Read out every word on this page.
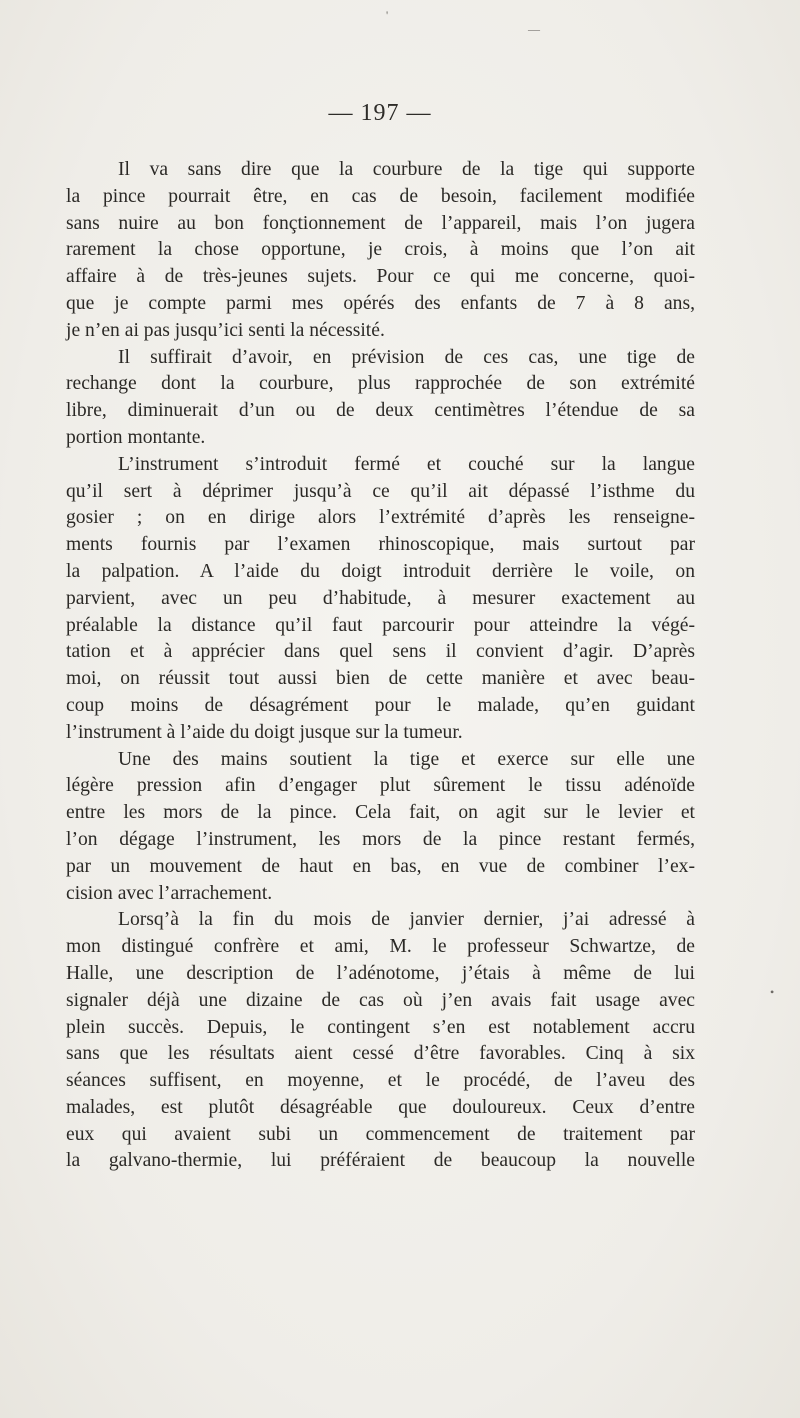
— 197 —
Il va sans dire que la courbure de la tige qui supporte
la pince pourrait être, en cas de besoin, facilement modifiée
sans nuire au bon fonçtionnement de l’appareil, mais l’on jugera
rarement la chose opportune, je crois, à moins que l’on ait
affaire à de très-jeunes sujets. Pour ce qui me concerne, quoi-
que je compte parmi mes opérés des enfants de 7 à 8 ans,
je n’en ai pas jusqu’ici senti la nécessité.
Il suffirait d’avoir, en prévision de ces cas, une tige de
rechange dont la courbure, plus rapprochée de son extrémité
libre, diminuerait d’un ou de deux centimètres l’étendue de sa
portion montante.
L’instrument s’introduit fermé et couché sur la langue
qu’il sert à déprimer jusqu’à ce qu’il ait dépassé l’isthme du
gosier ; on en dirige alors l’extrémité d’après les renseigne-
ments fournis par l’examen rhinoscopique, mais surtout par
la palpation. A l’aide du doigt introduit derrière le voile, on
parvient, avec un peu d’habitude, à mesurer exactement au
préalable la distance qu’il faut parcourir pour atteindre la végé-
tation et à apprécier dans quel sens il convient d’agir. D’après
moi, on réussit tout aussi bien de cette manière et avec beau-
coup moins de désagrément pour le malade, qu’en guidant
l’instrument à l’aide du doigt jusque sur la tumeur.
Une des mains soutient la tige et exerce sur elle une
légère pression afin d’engager plut sûrement le tissu adénoïde
entre les mors de la pince. Cela fait, on agit sur le levier et
l’on dégage l’instrument, les mors de la pince restant fermés,
par un mouvement de haut en bas, en vue de combiner l’ex-
cision avec l’arrachement.
Lorsq’à la fin du mois de janvier dernier, j’ai adressé à
mon distingué confrère et ami, M. le professeur Schwartze, de
Halle, une description de l’adénotome, j’étais à même de lui
signaler déjà une dizaine de cas où j’en avais fait usage avec
plein succès. Depuis, le contingent s’en est notablement accru
sans que les résultats aient cessé d’être favorables. Cinq à six
séances suffisent, en moyenne, et le procédé, de l’aveu des
malades, est plutôt désagréable que douloureux. Ceux d’entre
eux qui avaient subi un commencement de traitement par
la galvano-thermie, lui préféraient de beaucoup la nouvelle
'
—
•
